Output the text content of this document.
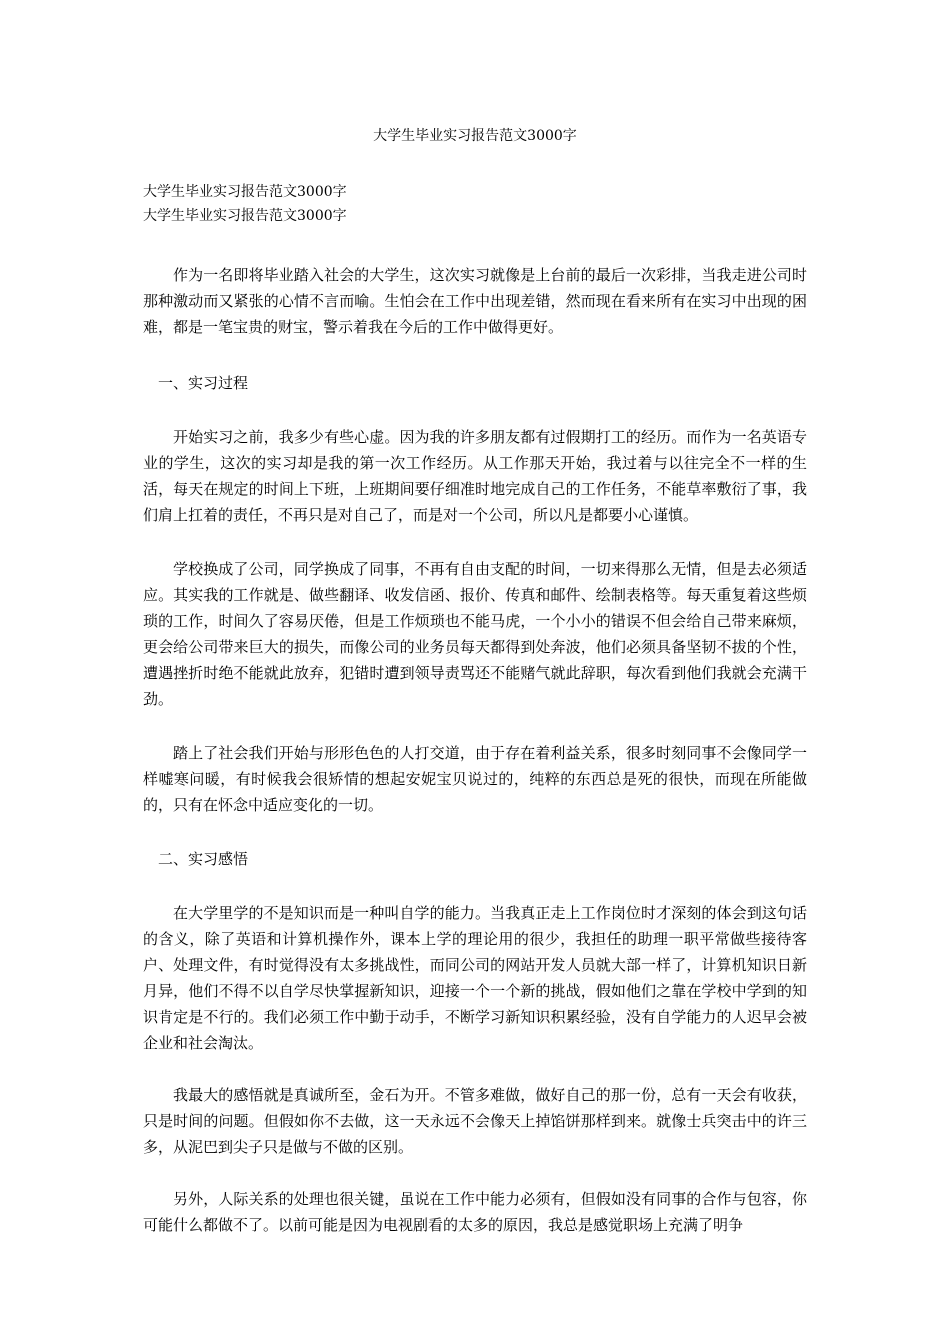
大学生毕业实习报告范文3000字
大学生毕业实习报告范文3000字
大学生毕业实习报告范文3000字

作为一名即将毕业踏入社会的大学生，这次实习就像是上台前的最后一次彩排，当我走进公司时那种激动而又紧张的心情不言而喻。生怕会在工作中出现差错，然而现在看来所有在实习中出现的困难，都是一笔宝贵的财宝，警示着我在今后的工作中做得更好。

一、实习过程

开始实习之前，我多少有些心虚。因为我的许多朋友都有过假期打工的经历。而作为一名英语专业的学生，这次的实习却是我的第一次工作经历。从工作那天开始，我过着与以往完全不一样的生活，每天在规定的时间上下班，上班期间要仔细准时地完成自己的工作任务，不能草率敷衍了事，我们肩上扛着的责任，不再只是对自己了，而是对一个公司，所以凡是都要小心谨慎。

学校换成了公司，同学换成了同事，不再有自由支配的时间，一切来得那么无情，但是去必须适应。其实我的工作就是、做些翻译、收发信函、报价、传真和邮件、绘制表格等。每天重复着这些烦琐的工作，时间久了容易厌倦，但是工作烦琐也不能马虎，一个小小的错误不但会给自己带来麻烦，更会给公司带来巨大的损失，而像公司的业务员每天都得到处奔波，他们必须具备坚韧不拔的个性，遭遇挫折时绝不能就此放弃，犯错时遭到领导责骂还不能赌气就此辞职，每次看到他们我就会充满干劲。

踏上了社会我们开始与形形色色的人打交道，由于存在着利益关系，很多时刻同事不会像同学一样嘘寒问暖，有时候我会很矫情的想起安妮宝贝说过的，纯粹的东西总是死的很快，而现在所能做的，只有在怀念中适应变化的一切。

二、实习感悟

在大学里学的不是知识而是一种叫自学的能力。当我真正走上工作岗位时才深刻的体会到这句话的含义，除了英语和计算机操作外，课本上学的理论用的很少，我担任的助理一职平常做些接待客户、处理文件，有时觉得没有太多挑战性，而同公司的网站开发人员就大部一样了，计算机知识日新月异，他们不得不以自学尽快掌握新知识，迎接一个一个新的挑战，假如他们之靠在学校中学到的知识肯定是不行的。我们必须工作中勤于动手，不断学习新知识积累经验，没有自学能力的人迟早会被企业和社会淘汰。

我最大的感悟就是真诚所至，金石为开。不管多难做，做好自己的那一份，总有一天会有收获，只是时间的问题。但假如你不去做，这一天永远不会像天上掉馅饼那样到来。就像士兵突击中的许三多，从泥巴到尖子只是做与不做的区别。

另外，人际关系的处理也很关键，虽说在工作中能力必须有，但假如没有同事的合作与包容，你可能什么都做不了。以前可能是因为电视剧看的太多的原因，我总是感觉职场上充满了明争
